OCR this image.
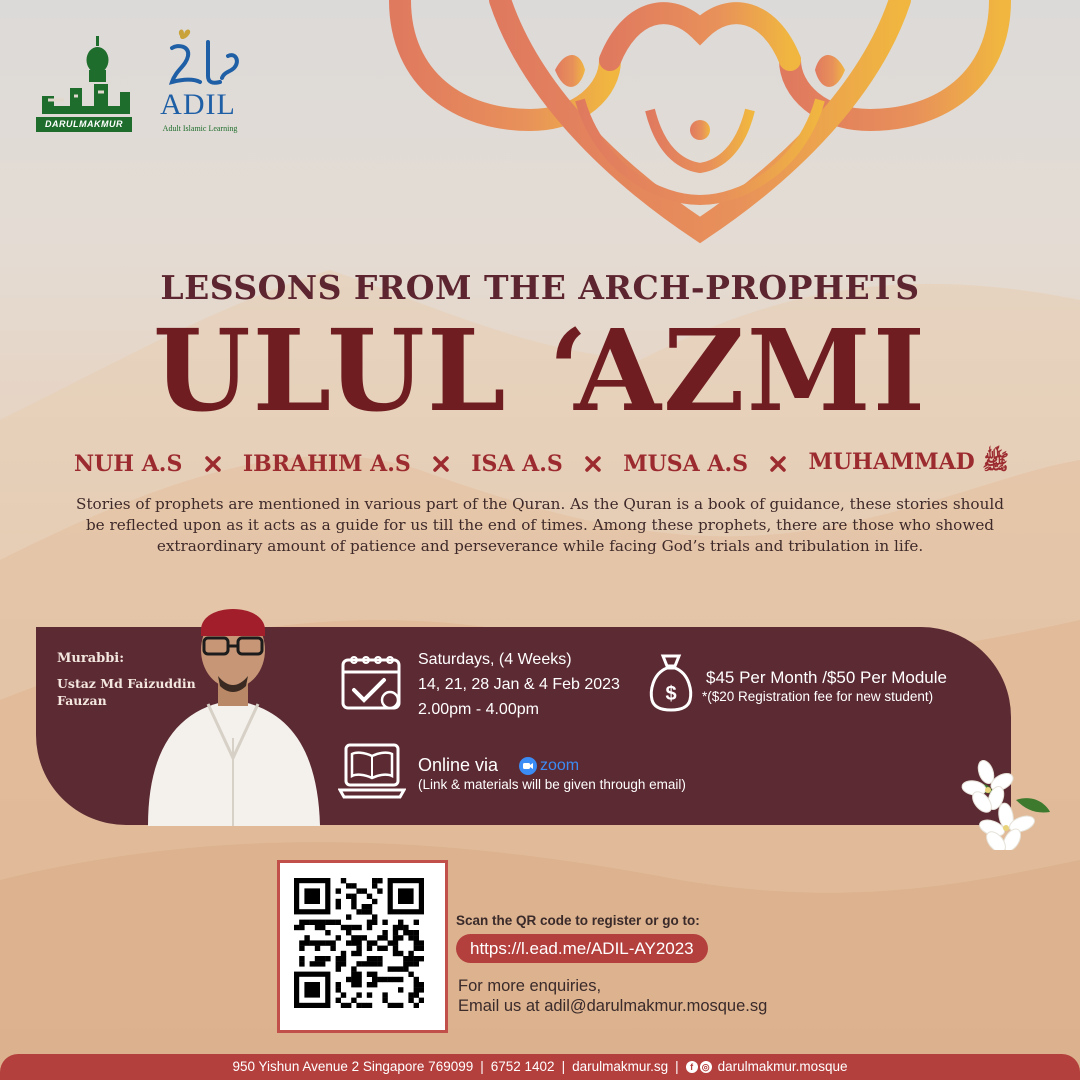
DARULMAKMUR
ADIL
Adult Islamic Learning
LESSONS FROM THE ARCH-PROPHETS
ULUL ‘AZMI
NUH A.S	IBRAHIM A.S	ISA A.S	MUSA A.S	MUHAMMAD ﷺ
Stories of prophets are mentioned in various part of the Quran. As the Quran is a book of guidance, these stories should be reflected upon as it acts as a guide for us till the end of times. Among these prophets, there are those who showed extraordinary amount of patience and perseverance while facing God’s trials and tribulation in life.
Murabbi:
Ustaz Md Faizuddin Fauzan
Saturdays, (4 Weeks)
14, 21, 28 Jan & 4 Feb 2023
2.00pm - 4.00pm
$
$45 Per Month /$50 Per Module
*($20 Registration fee for new student)
Online via	zoom
(Link & materials will be given through email)
Scan the QR code to register or go to:
https://l.ead.me/ADIL-AY2023
For more enquiries,
Email us at adil@darulmakmur.mosque.sg
950 Yishun Avenue 2 Singapore 769099 | 6752 1402 | darulmakmur.sg |	f ◎ darulmakmur.mosque
